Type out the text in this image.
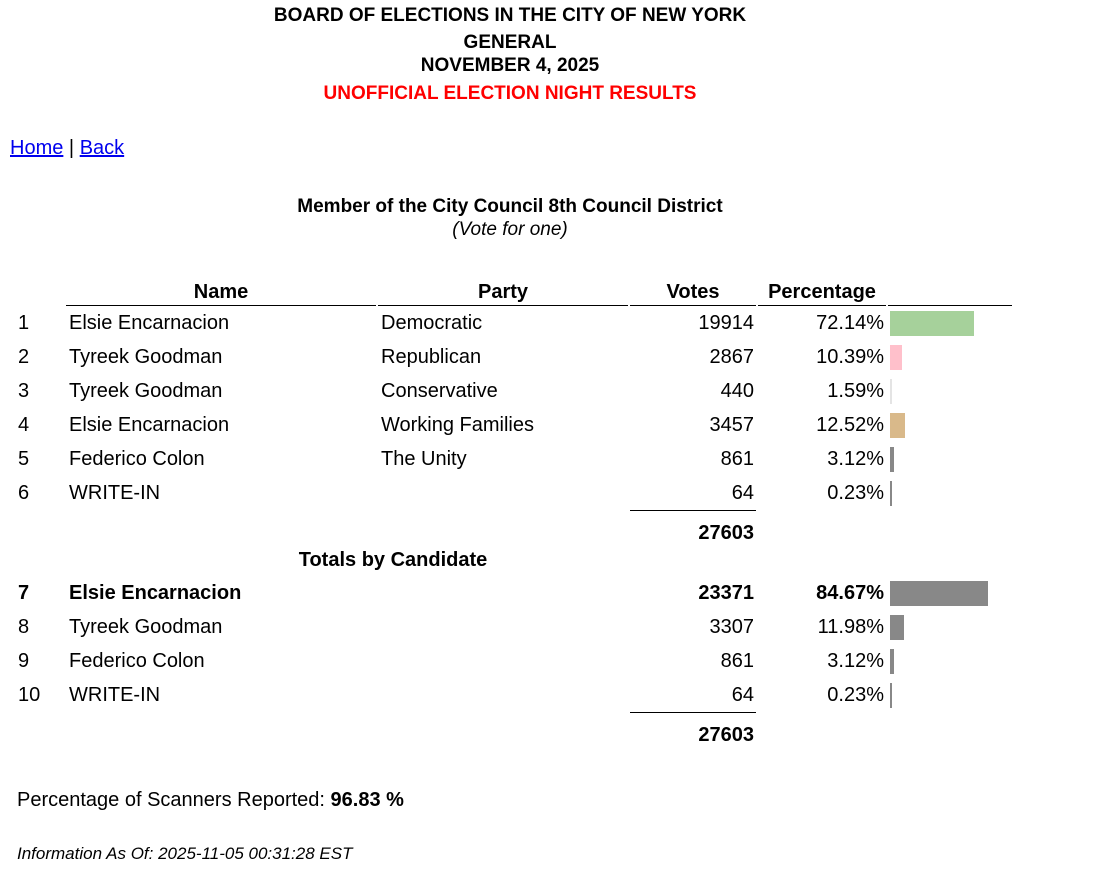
BOARD OF ELECTIONS IN THE CITY OF NEW YORK
GENERAL
NOVEMBER 4, 2025
UNOFFICIAL ELECTION NIGHT RESULTS
Home | Back
Member of the City Council 8th Council District
(Vote for one)
	Name	Party	Votes	Percentage	
1	Elsie Encarnacion	Democratic	19914	72.14%	
2	Tyreek Goodman	Republican	2867	10.39%	
3	Tyreek Goodman	Conservative	440	1.59%	
4	Elsie Encarnacion	Working Families	3457	12.52%	
5	Federico Colon	The Unity	861	3.12%	
6	WRITE-IN		64	0.23%	
			27603		
Totals by Candidate					
7	Elsie Encarnacion		23371	84.67%	
8	Tyreek Goodman		3307	11.98%	
9	Federico Colon		861	3.12%	
10	WRITE-IN		64	0.23%	
			27603		
Percentage of Scanners Reported: 96.83 %
Information As Of: 2025-11-05 00:31:28 EST
